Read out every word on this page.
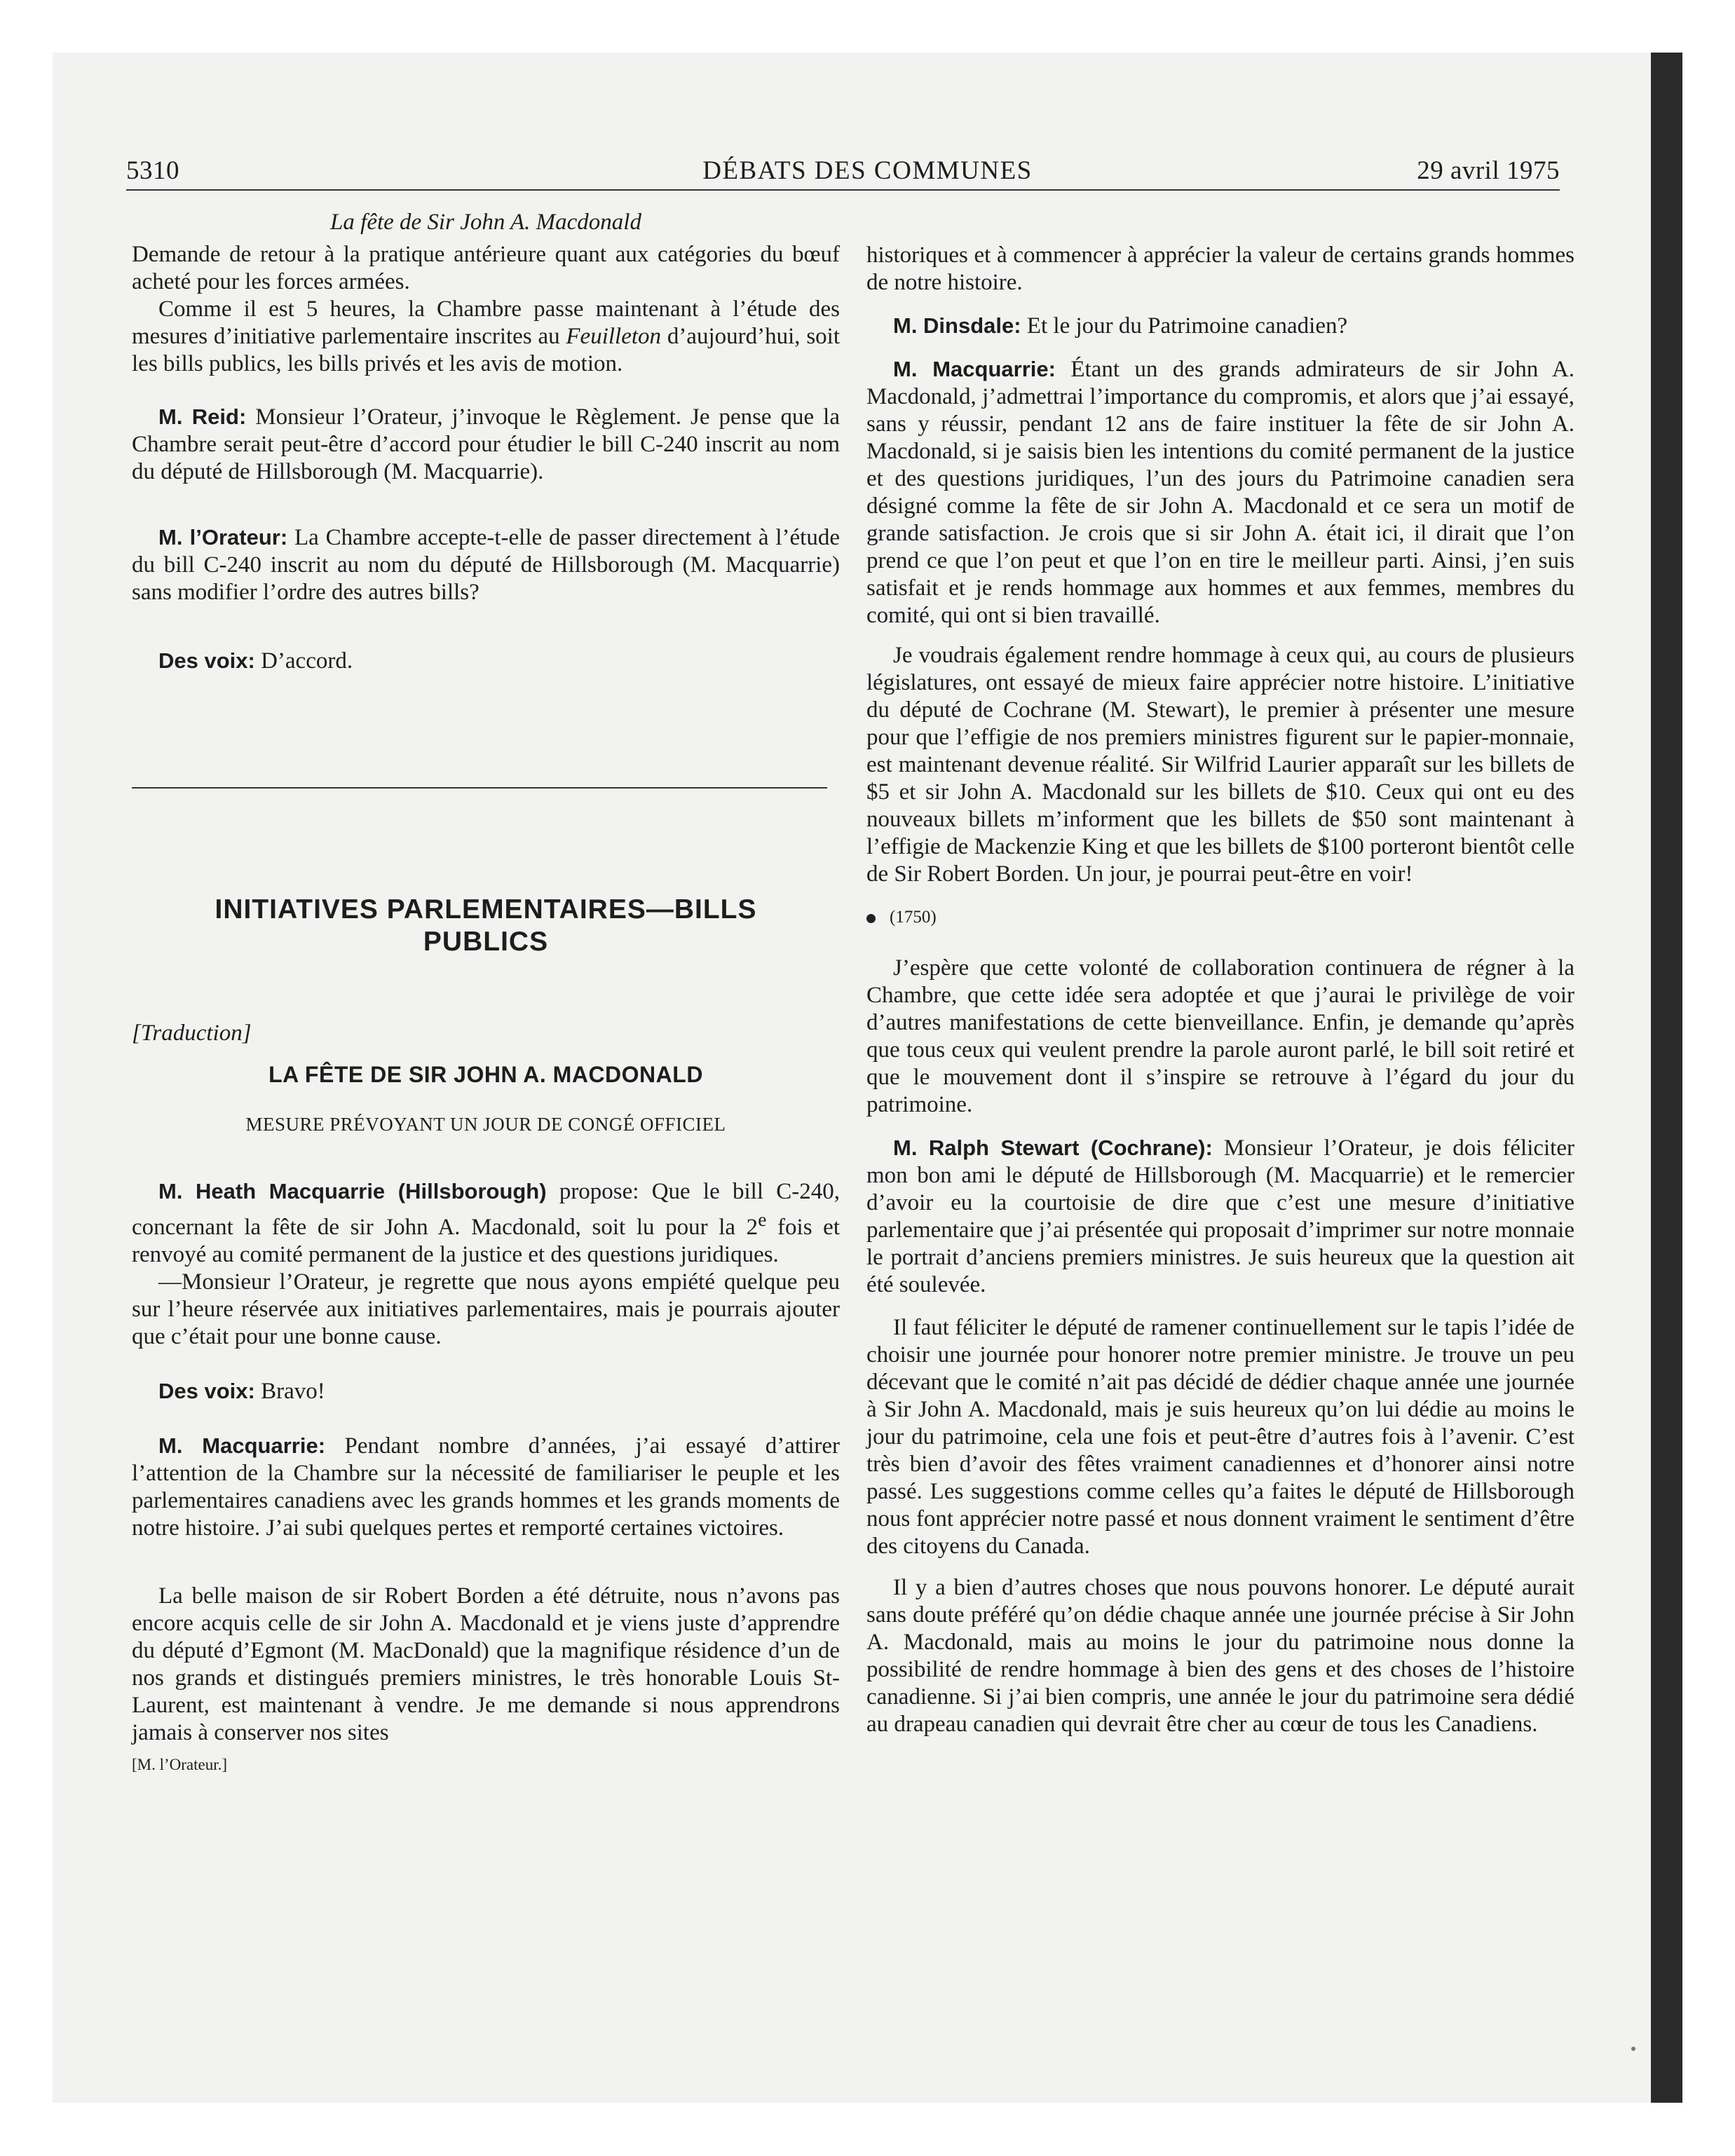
5310	DÉBATS DES COMMUNES	29 avril 1975

La fête de Sir John A. Macdonald

Demande de retour à la pratique antérieure quant aux catégories du bœuf acheté pour les forces armées.

Comme il est 5 heures, la Chambre passe maintenant à l’étude des mesures d’initiative parlementaire inscrites au Feuilleton d’aujourd’hui, soit les bills publics, les bills privés et les avis de motion.

M. Reid: Monsieur l’Orateur, j’invoque le Règlement. Je pense que la Chambre serait peut-être d’accord pour étudier le bill C-240 inscrit au nom du député de Hillsborough (M. Macquarrie).

M. l’Orateur: La Chambre accepte-t-elle de passer directement à l’étude du bill C-240 inscrit au nom du député de Hillsborough (M. Macquarrie) sans modifier l’ordre des autres bills?

Des voix: D’accord.

INITIATIVES PARLEMENTAIRES—BILLS
PUBLICS

[Traduction]

LA FÊTE DE SIR JOHN A. MACDONALD

MESURE PRÉVOYANT UN JOUR DE CONGÉ OFFICIEL

M. Heath Macquarrie (Hillsborough) propose: Que le bill C-240, concernant la fête de sir John A. Macdonald, soit lu pour la 2e fois et renvoyé au comité permanent de la justice et des questions juridiques.

—Monsieur l’Orateur, je regrette que nous ayons empiété quelque peu sur l’heure réservée aux initiatives parlementaires, mais je pourrais ajouter que c’était pour une bonne cause.

Des voix: Bravo!

M. Macquarrie: Pendant nombre d’années, j’ai essayé d’attirer l’attention de la Chambre sur la nécessité de familiariser le peuple et les parlementaires canadiens avec les grands hommes et les grands moments de notre histoire. J’ai subi quelques pertes et remporté certaines victoires.

La belle maison de sir Robert Borden a été détruite, nous n’avons pas encore acquis celle de sir John A. Macdonald et je viens juste d’apprendre du député d’Egmont (M. MacDonald) que la magnifique résidence d’un de nos grands et distingués premiers ministres, le très honorable Louis St-Laurent, est maintenant à vendre. Je me demande si nous apprendrons jamais à conserver nos sites

[M. l’Orateur.]

historiques et à commencer à apprécier la valeur de certains grands hommes de notre histoire.

M. Dinsdale: Et le jour du Patrimoine canadien?

M. Macquarrie: Étant un des grands admirateurs de sir John A. Macdonald, j’admettrai l’importance du compromis, et alors que j’ai essayé, sans y réussir, pendant 12 ans de faire instituer la fête de sir John A. Macdonald, si je saisis bien les intentions du comité permanent de la justice et des questions juridiques, l’un des jours du Patrimoine canadien sera désigné comme la fête de sir John A. Macdonald et ce sera un motif de grande satisfaction. Je crois que si sir John A. était ici, il dirait que l’on prend ce que l’on peut et que l’on en tire le meilleur parti. Ainsi, j’en suis satisfait et je rends hommage aux hommes et aux femmes, membres du comité, qui ont si bien travaillé.

Je voudrais également rendre hommage à ceux qui, au cours de plusieurs législatures, ont essayé de mieux faire apprécier notre histoire. L’initiative du député de Cochrane (M. Stewart), le premier à présenter une mesure pour que l’effigie de nos premiers ministres figurent sur le papier-monnaie, est maintenant devenue réalité. Sir Wilfrid Laurier apparaît sur les billets de $5 et sir John A. Macdonald sur les billets de $10. Ceux qui ont eu des nouveaux billets m’informent que les billets de $50 sont maintenant à l’effigie de Mackenzie King et que les billets de $100 porteront bientôt celle de Sir Robert Borden. Un jour, je pourrai peut-être en voir!

(1750)

J’espère que cette volonté de collaboration continuera de régner à la Chambre, que cette idée sera adoptée et que j’aurai le privilège de voir d’autres manifestations de cette bienveillance. Enfin, je demande qu’après que tous ceux qui veulent prendre la parole auront parlé, le bill soit retiré et que le mouvement dont il s’inspire se retrouve à l’égard du jour du patrimoine.

M. Ralph Stewart (Cochrane): Monsieur l’Orateur, je dois féliciter mon bon ami le député de Hillsborough (M. Macquarrie) et le remercier d’avoir eu la courtoisie de dire que c’est une mesure d’initiative parlementaire que j’ai présentée qui proposait d’imprimer sur notre monnaie le portrait d’anciens premiers ministres. Je suis heureux que la question ait été soulevée.

Il faut féliciter le député de ramener continuellement sur le tapis l’idée de choisir une journée pour honorer notre premier ministre. Je trouve un peu décevant que le comité n’ait pas décidé de dédier chaque année une journée à Sir John A. Macdonald, mais je suis heureux qu’on lui dédie au moins le jour du patrimoine, cela une fois et peut-être d’autres fois à l’avenir. C’est très bien d’avoir des fêtes vraiment canadiennes et d’honorer ainsi notre passé. Les suggestions comme celles qu’a faites le député de Hillsborough nous font apprécier notre passé et nous donnent vraiment le sentiment d’être des citoyens du Canada.

Il y a bien d’autres choses que nous pouvons honorer. Le député aurait sans doute préféré qu’on dédie chaque année une journée précise à Sir John A. Macdonald, mais au moins le jour du patrimoine nous donne la possibilité de rendre hommage à bien des gens et des choses de l’histoire canadienne. Si j’ai bien compris, une année le jour du patrimoine sera dédié au drapeau canadien qui devrait être cher au cœur de tous les Canadiens.
